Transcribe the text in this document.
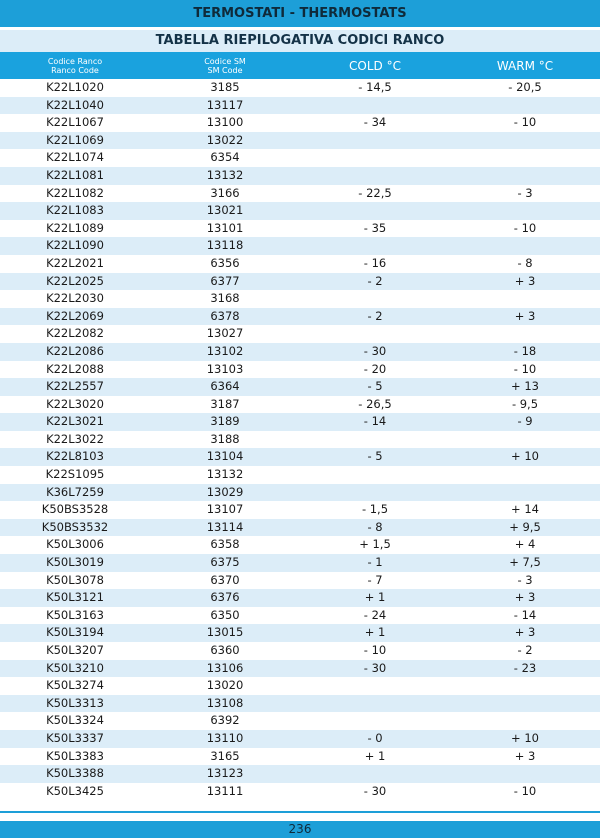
TERMOSTATI - THERMOSTATS
TABELLA RIEPILOGATIVA CODICI RANCO
Codice Ranco
Ranco Code
Codice SM
SM Code	COLD °C	WARM °C
K22L1020	3185	- 14,5	- 20,5
K22L1040	13117
K22L1067	13100	- 34	- 10
K22L1069	13022
K22L1074	6354
K22L1081	13132
K22L1082	3166	- 22,5	- 3
K22L1083	13021
K22L1089	13101	- 35	- 10
K22L1090	13118
K22L2021	6356	- 16	- 8
K22L2025	6377	- 2	+ 3
K22L2030	3168
K22L2069	6378	- 2	+ 3
K22L2082	13027
K22L2086	13102	- 30	- 18
K22L2088	13103	- 20	- 10
K22L2557	6364	- 5	+ 13
K22L3020	3187	- 26,5	- 9,5
K22L3021	3189	- 14	- 9
K22L3022	3188
K22L8103	13104	- 5	+ 10
K22S1095	13132
K36L7259	13029
K50BS3528	13107	- 1,5	+ 14
K50BS3532	13114	- 8	+ 9,5
K50L3006	6358	+ 1,5	+ 4
K50L3019	6375	- 1	+ 7,5
K50L3078	6370	- 7	- 3
K50L3121	6376	+ 1	+ 3
K50L3163	6350	- 24	- 14
K50L3194	13015	+ 1	+ 3
K50L3207	6360	- 10	- 2
K50L3210	13106	- 30	- 23
K50L3274	13020
K50L3313	13108
K50L3324	6392
K50L3337	13110	- 0	+ 10
K50L3383	3165	+ 1	+ 3
K50L3388	13123
K50L3425	13111	- 30	- 10
236
